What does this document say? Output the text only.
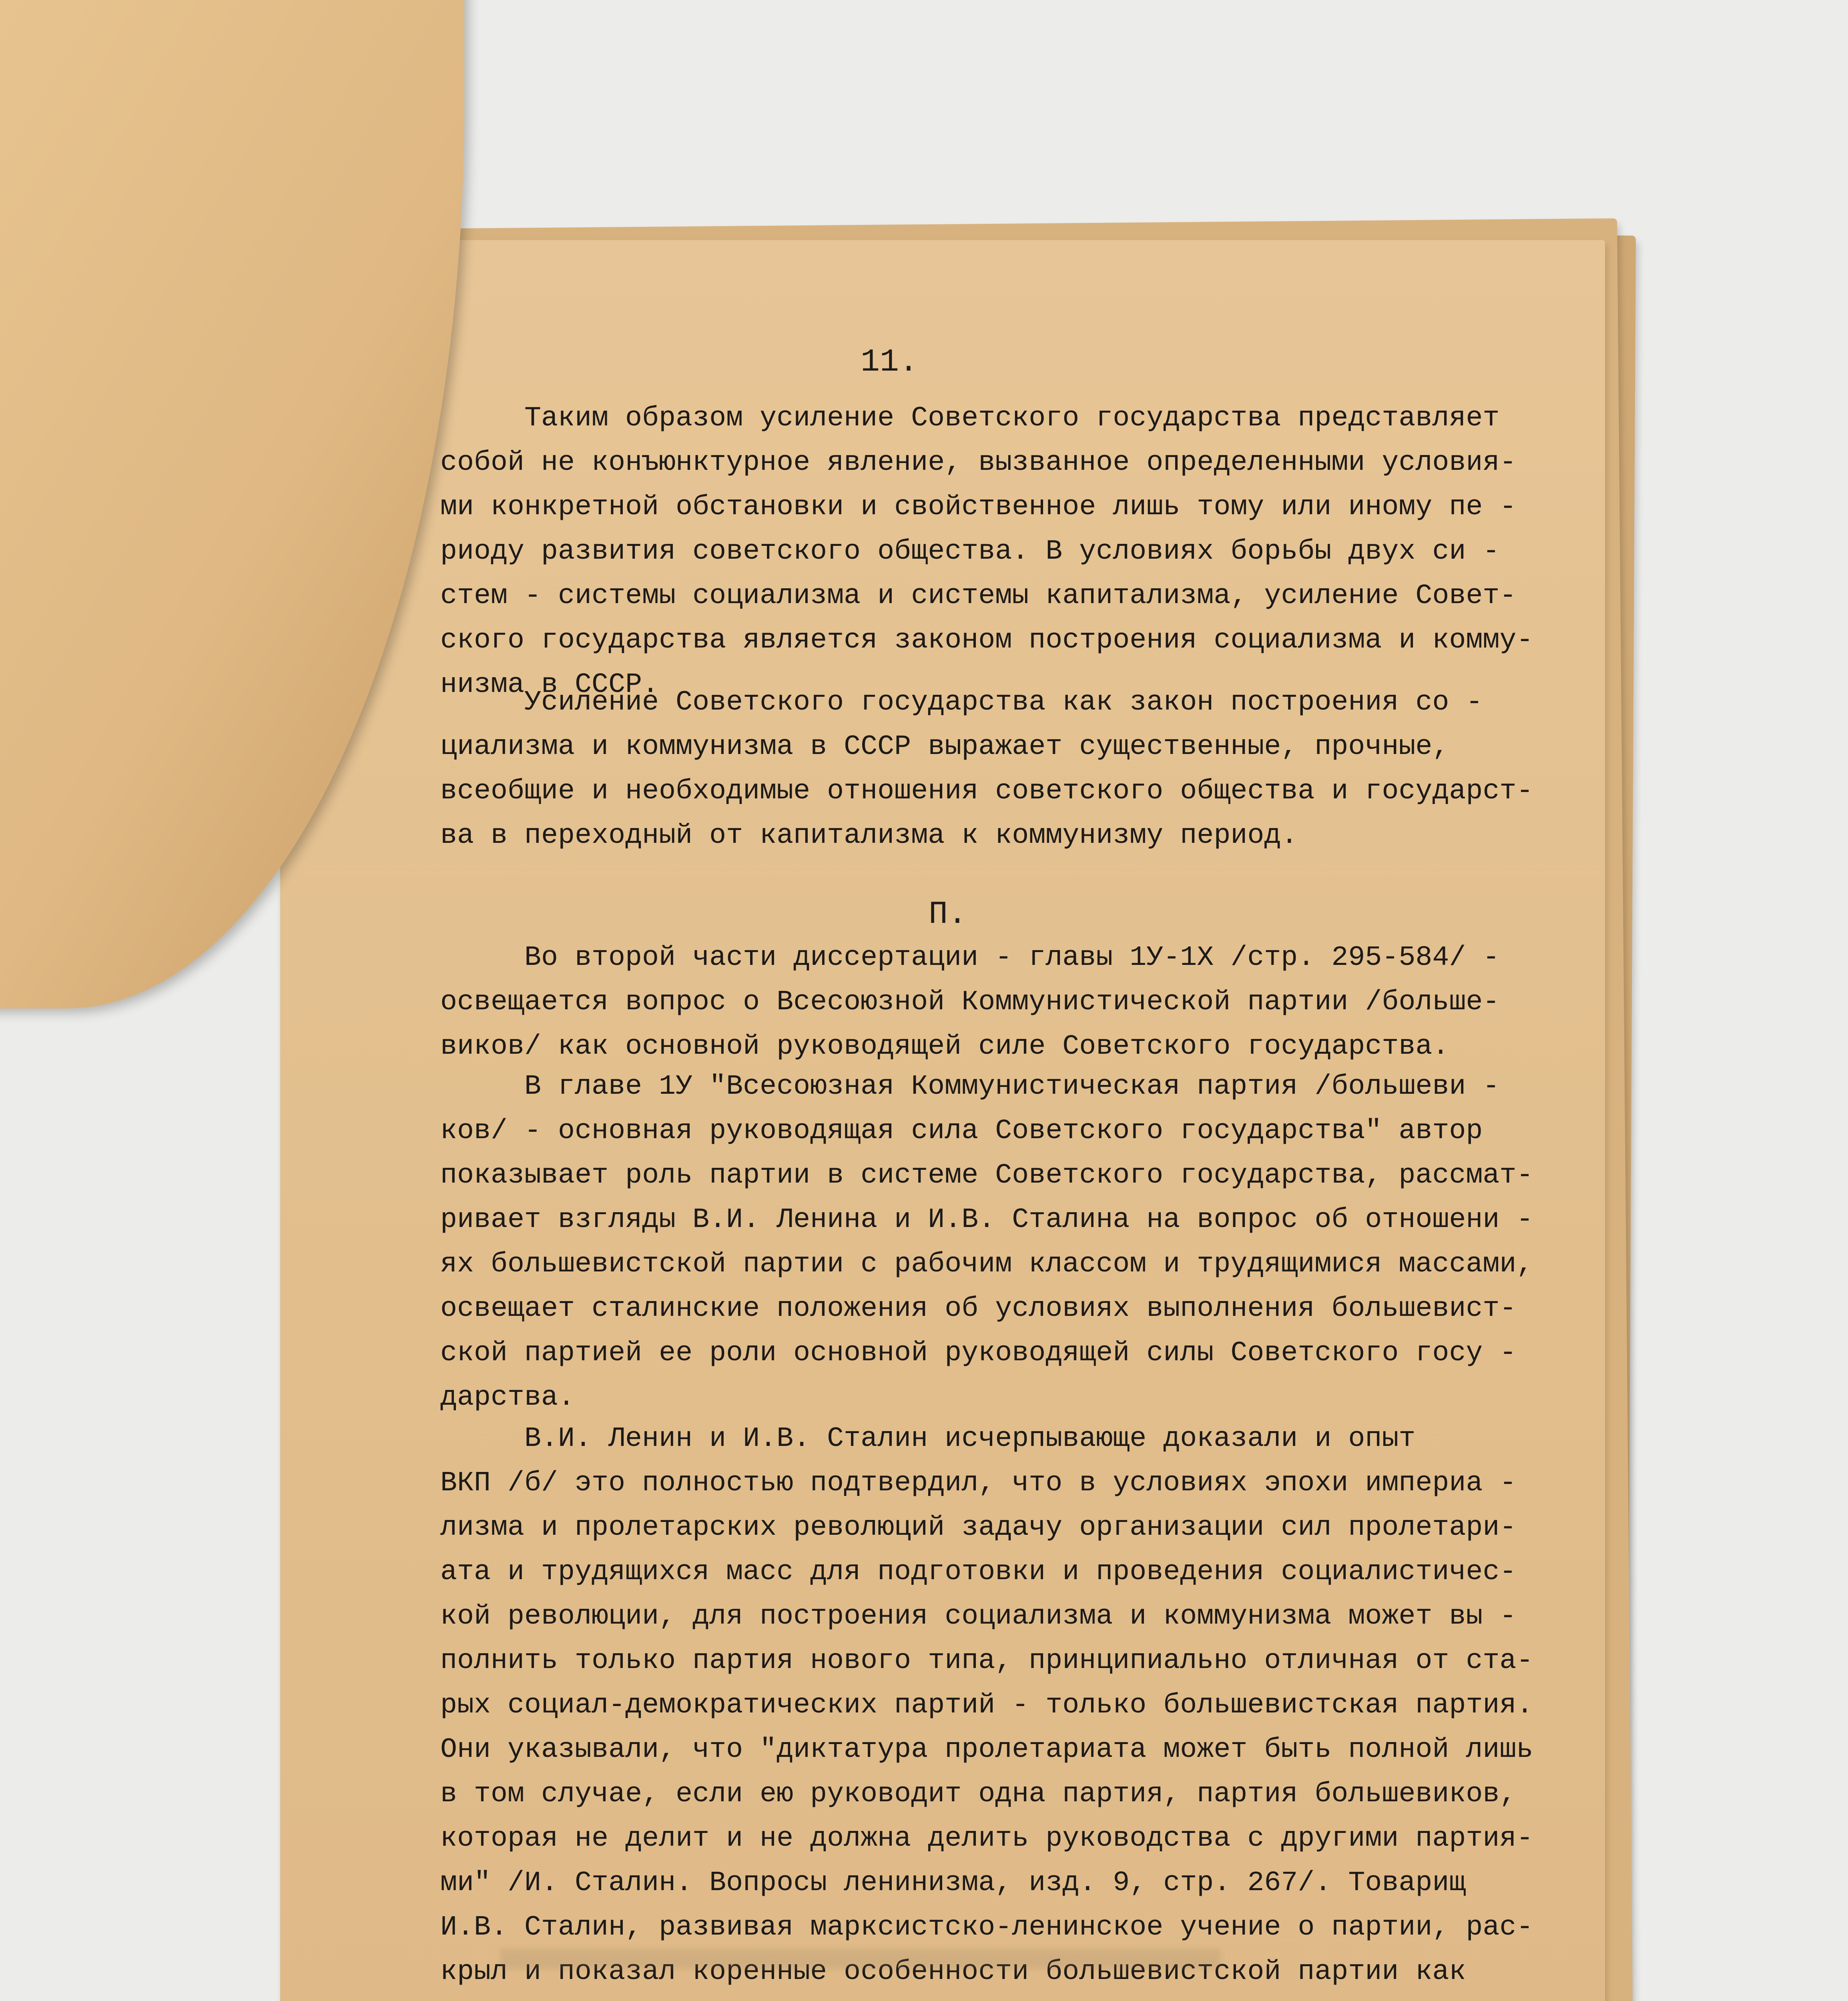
11.
Таким образом усиление Советского государства представляет
собой не конъюнктурное явление, вызванное определенными условия-
ми конкретной обстановки и свойственное лишь тому или иному пе -
риоду развития советского общества. В условиях борьбы двух си -
стем - системы социализма и системы капитализма, усиление Совет-
ского государства является законом построения социализма и комму-
низма в СССР.
Усиление Советского государства как закон построения со -
циализма и коммунизма в СССР выражает существенные, прочные,
всеобщие и необходимые отношения советского общества и государст-
ва в переходный от капитализма к коммунизму период.
П.
Во второй части диссертации - главы 1У-1Х /стр. 295-584/ -
освещается вопрос о Всесоюзной Коммунистической партии /больше-
виков/ как основной руководящей силе Советского государства.
В главе 1У "Всесоюзная Коммунистическая партия /большеви -
ков/ - основная руководящая сила Советского государства" автор
показывает роль партии в системе Советского государства, рассмат-
ривает взгляды В.И. Ленина и И.В. Сталина на вопрос об отношени -
ях большевистской партии с рабочим классом и трудящимися массами,
освещает сталинские положения об условиях выполнения большевист-
ской партией ее роли основной руководящей силы Советского госу -
дарства.
В.И. Ленин и И.В. Сталин исчерпывающе доказали и опыт
ВКП /б/ это полностью подтвердил, что в условиях эпохи империа -
лизма и пролетарских революций задачу организации сил пролетари-
ата и трудящихся масс для подготовки и проведения социалистичес-
кой революции, для построения социализма и коммунизма может вы -
полнить только партия нового типа, принципиально отличная от ста-
рых социал-демократических партий - только большевистская партия.
Они указывали, что "диктатура пролетариата может быть полной лишь
в том случае, если ею руководит одна партия, партия большевиков,
которая не делит и не должна делить руководства с другими партия-
ми" /И. Сталин. Вопросы ленинизма, изд. 9, стр. 267/. Товарищ
И.В. Сталин, развивая марксистско-ленинское учение о партии, рас-
крыл и показал коренные особенности большевистской партии как
